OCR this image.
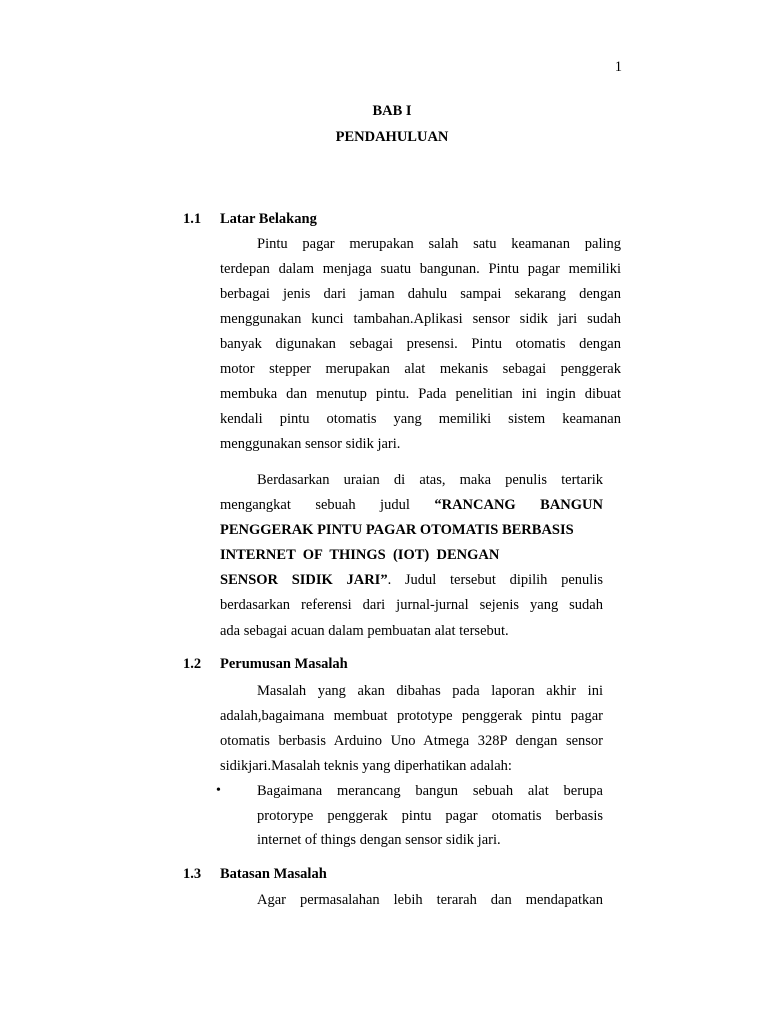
1
BAB I
PENDAHULUAN
1.1 Latar Belakang
Pintu pagar merupakan salah satu keamanan paling
terdepan dalam menjaga suatu bangunan. Pintu pagar memiliki
berbagai jenis dari jaman dahulu sampai sekarang dengan
menggunakan kunci tambahan.Aplikasi sensor sidik jari sudah
banyak digunakan sebagai presensi. Pintu otomatis dengan
motor stepper merupakan alat mekanis sebagai penggerak
membuka dan menutup pintu. Pada penelitian ini ingin dibuat
kendali pintu otomatis yang memiliki sistem keamanan
menggunakan sensor sidik jari.
Berdasarkan uraian di atas, maka penulis tertarik
mengangkat sebuah judul “RANCANG BANGUN
PENGGERAK PINTU PAGAR OTOMATIS BERBASIS
INTERNET  OF  THINGS  (IOT)  DENGAN
SENSOR SIDIK JARI”. Judul tersebut dipilih penulis
berdasarkan referensi dari jurnal-jurnal sejenis yang sudah
ada sebagai acuan dalam pembuatan alat tersebut.
1.2 Perumusan Masalah
Masalah yang akan dibahas pada laporan akhir ini
adalah,bagaimana membuat prototype penggerak pintu pagar
otomatis berbasis Arduino Uno Atmega 328P dengan sensor
sidikjari.Masalah teknis yang diperhatikan adalah:
• Bagaimana merancang bangun sebuah alat berupa
protorype penggerak pintu pagar otomatis berbasis
internet of things dengan sensor sidik jari.
1.3 Batasan Masalah
Agar permasalahan lebih terarah dan mendapatkan
